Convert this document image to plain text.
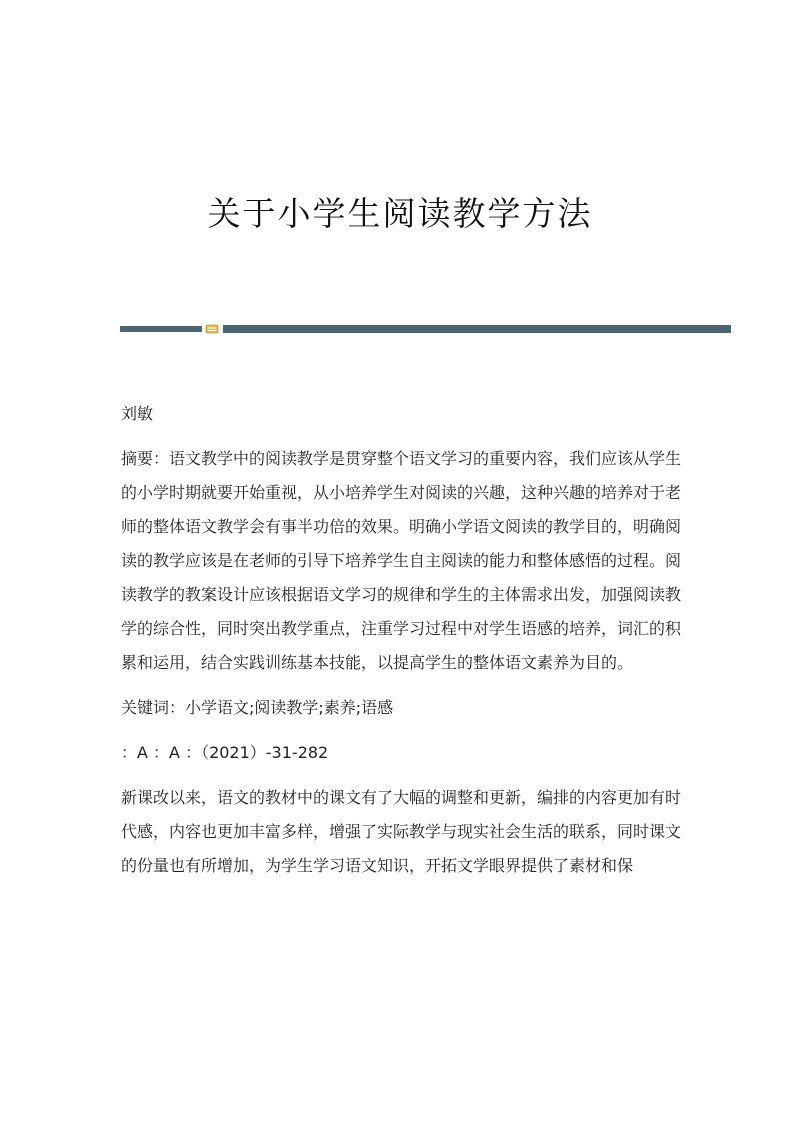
关于小学生阅读教学方法

刘敏

摘要：语文教学中的阅读教学是贯穿整个语文学习的重要内容，我们应该从学生的小学时期就要开始重视，从小培养学生对阅读的兴趣，这种兴趣的培养对于老师的整体语文教学会有事半功倍的效果。明确小学语文阅读的教学目的，明确阅读的教学应该是在老师的引导下培养学生自主阅读的能力和整体感悟的过程。阅读教学的教案设计应该根据语文学习的规律和学生的主体需求出发，加强阅读教学的综合性，同时突出教学重点，注重学习过程中对学生语感的培养，词汇的积累和运用，结合实践训练基本技能，以提高学生的整体语文素养为目的。

关键词：小学语文;阅读教学;素养;语感

：A ：A ：（2021）-31-282

新课改以来，语文的教材中的课文有了大幅的调整和更新，编排的内容更加有时代感，内容也更加丰富多样，增强了实际教学与现实社会生活的联系，同时课文的份量也有所增加，为学生学习语文知识，开拓文学眼界提供了素材和保
